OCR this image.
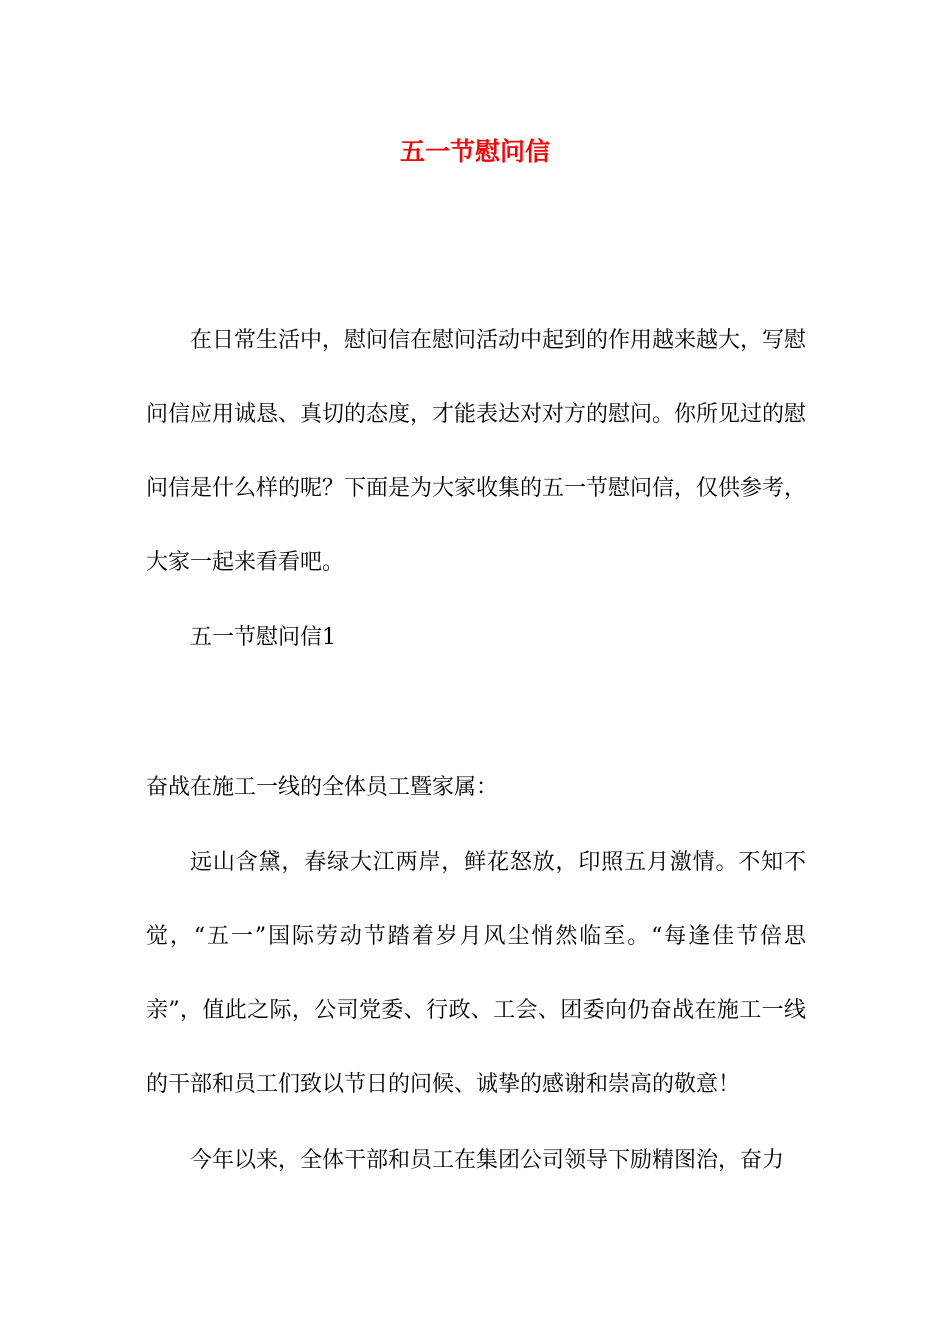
五一节慰问信

在日常生活中，慰问信在慰问活动中起到的作用越来越大，写慰问信应用诚恳、真切的态度，才能表达对对方的慰问。你所见过的慰问信是什么样的呢？下面是为大家收集的五一节慰问信，仅供参考，大家一起来看看吧。

五一节慰问信1

奋战在施工一线的全体员工暨家属：

远山含黛，春绿大江两岸，鲜花怒放，印照五月激情。不知不觉，“五一”国际劳动节踏着岁月风尘悄然临至。“每逢佳节倍思亲”，值此之际，公司党委、行政、工会、团委向仍奋战在施工一线的干部和员工们致以节日的问候、诚挚的感谢和崇高的敬意！

今年以来，全体干部和员工在集团公司领导下励精图治，奋力
